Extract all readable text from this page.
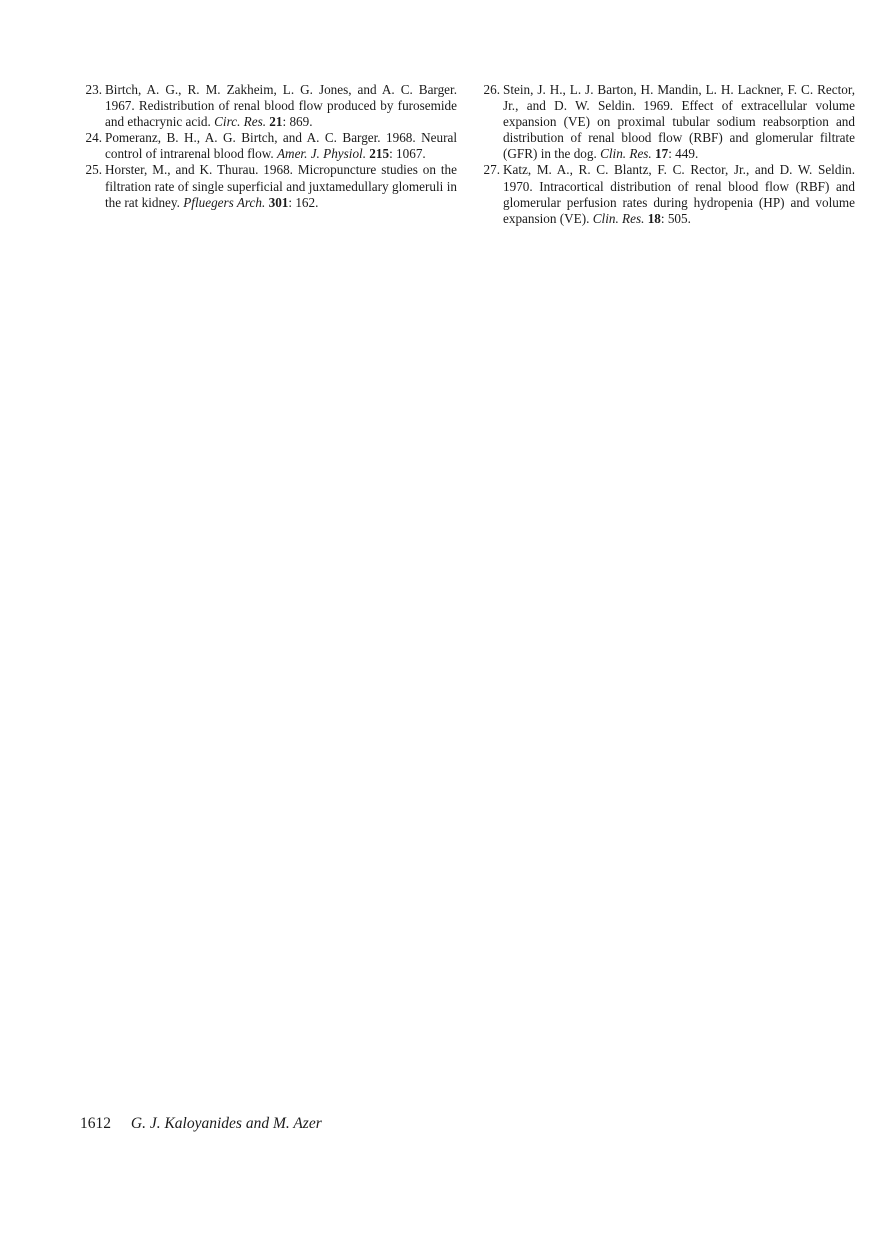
23. Birtch, A. G., R. M. Zakheim, L. G. Jones, and A. C. Barger. 1967. Redistribution of renal blood flow produced by furosemide and ethacrynic acid. Circ. Res. 21: 869.
24. Pomeranz, B. H., A. G. Birtch, and A. C. Barger. 1968. Neural control of intrarenal blood flow. Amer. J. Physiol. 215: 1067.
25. Horster, M., and K. Thurau. 1968. Micropuncture studies on the filtration rate of single superficial and juxtamedullary glomeruli in the rat kidney. Pfluegers Arch. 301: 162.
26. Stein, J. H., L. J. Barton, H. Mandin, L. H. Lackner, F. C. Rector, Jr., and D. W. Seldin. 1969. Effect of extracellular volume expansion (VE) on proximal tubular sodium reabsorption and distribution of renal blood flow (RBF) and glomerular filtrate (GFR) in the dog. Clin. Res. 17: 449.
27. Katz, M. A., R. C. Blantz, F. C. Rector, Jr., and D. W. Seldin. 1970. Intracortical distribution of renal blood flow (RBF) and glomerular perfusion rates during hydropenia (HP) and volume expansion (VE). Clin. Res. 18: 505.
1612 G. J. Kaloyanides and M. Azer
